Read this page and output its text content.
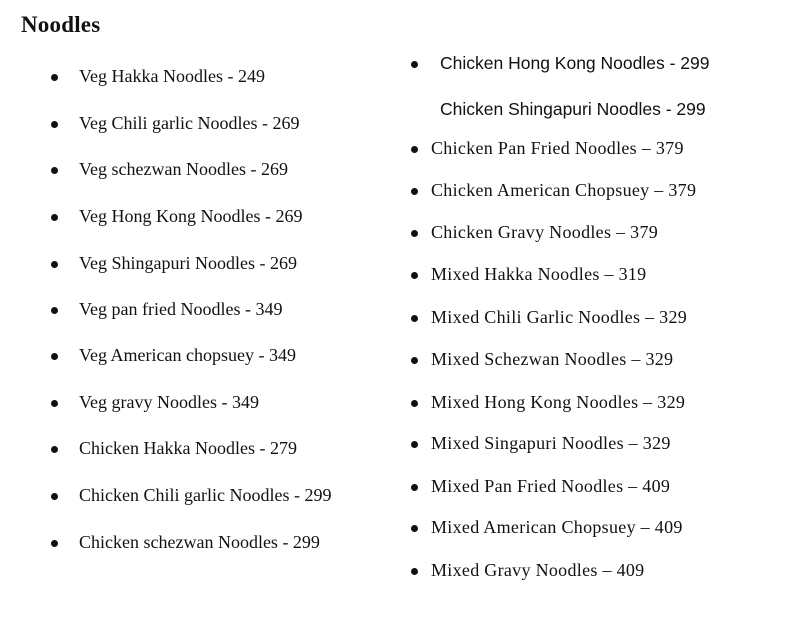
Noodles
Veg Hakka Noodles - 249
Veg Chili garlic Noodles - 269
Veg schezwan Noodles - 269
Veg Hong Kong Noodles - 269
Veg Shingapuri Noodles - 269
Veg pan fried Noodles - 349
Veg American chopsuey - 349
Veg gravy Noodles - 349
Chicken Hakka Noodles - 279
Chicken Chili garlic Noodles - 299
Chicken schezwan Noodles - 299
Chicken Hong Kong Noodles - 299
Chicken Shingapuri Noodles - 299
Chicken Pan Fried Noodles – 379
Chicken American Chopsuey – 379
Chicken Gravy Noodles – 379
Mixed Hakka Noodles – 319
Mixed Chili Garlic Noodles – 329
Mixed Schezwan Noodles – 329
Mixed Hong Kong Noodles – 329
Mixed Singapuri Noodles – 329
Mixed Pan Fried Noodles – 409
Mixed American Chopsuey – 409
Mixed Gravy Noodles – 409
